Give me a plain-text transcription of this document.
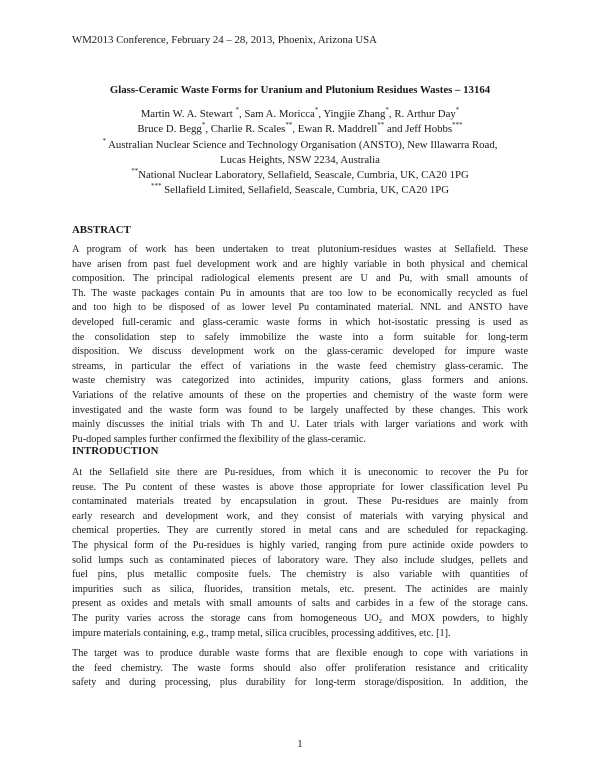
WM2013 Conference, February 24 – 28, 2013, Phoenix, Arizona USA
Glass-Ceramic Waste Forms for Uranium and Plutonium Residues Wastes – 13164
Martin W. A. Stewart *, Sam A. Moricca*, Yingjie Zhang*, R. Arthur Day*
Bruce D. Begg*, Charlie R. Scales**, Ewan R. Maddrell** and Jeff Hobbs***
* Australian Nuclear Science and Technology Organisation (ANSTO), New Illawarra Road,
Lucas Heights, NSW 2234, Australia
**National Nuclear Laboratory, Sellafield, Seascale, Cumbria, UK, CA20 1PG
*** Sellafield Limited, Sellafield, Seascale, Cumbria, UK, CA20 1PG
ABSTRACT
A program of work has been undertaken to treat plutonium-residues wastes at Sellafield. These
have arisen from past fuel development work and are highly variable in both physical and chemical
composition. The principal radiological elements present are U and Pu, with small amounts of
Th. The waste packages contain Pu in amounts that are too low to be economically recycled as fuel
and too high to be disposed of as lower level Pu contaminated material. NNL and ANSTO have
developed full-ceramic and glass-ceramic waste forms in which hot-isostatic pressing is used as
the consolidation step to safely immobilize the waste into a form suitable for long-term
disposition. We discuss development work on the glass-ceramic developed for impure waste
streams, in particular the effect of variations in the waste feed chemistry glass-ceramic. The
waste chemistry was categorized into actinides, impurity cations, glass formers and anions.
Variations of the relative amounts of these on the properties and chemistry of the waste form were
investigated and the waste form was found to be largely unaffected by these changes. This work
mainly discusses the initial trials with Th and U. Later trials with larger variations and work with
Pu-doped samples further confirmed the flexibility of the glass-ceramic.
INTRODUCTION
At the Sellafield site there are Pu-residues, from which it is uneconomic to recover the Pu for
reuse. The Pu content of these wastes is above those appropriate for lower classification level Pu
contaminated materials treated by encapsulation in grout. These Pu-residues are mainly from
early research and development work, and they consist of materials with varying physical and
chemical properties. They are currently stored in metal cans and are scheduled for repackaging.
The physical form of the Pu-residues is highly varied, ranging from pure actinide oxide powders to
solid lumps such as contaminated pieces of laboratory ware. They also include sludges, pellets and
fuel pins, plus metallic composite fuels. The chemistry is also variable with quantities of
impurities such as silica, fluorides, transition metals, etc. present. The actinides are mainly
present as oxides and metals with small amounts of salts and carbides in a few of the storage cans.
The purity varies across the storage cans from homogeneous $UO_2$ and MOX powders, to highly
impure materials containing, e.g., tramp metal, silica crucibles, processing additives, etc. [1].
The target was to produce durable waste forms that are flexible enough to cope with variations in
the feed chemistry. The waste forms should also offer proliferation resistance and criticality
safety and during processing, plus durability for long-term storage/disposition. In addition, the
1
